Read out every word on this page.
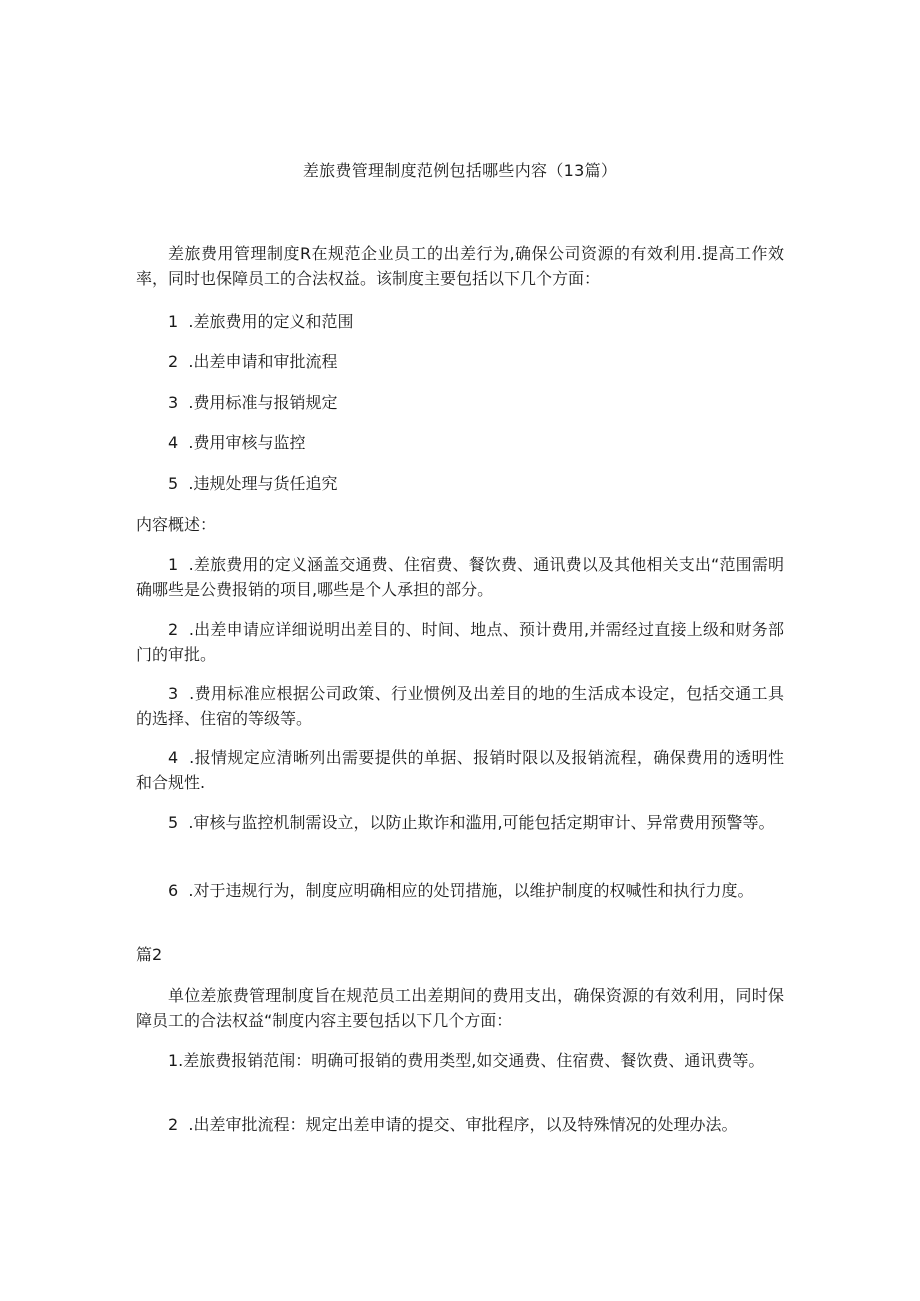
差旅费管理制度范例包括哪些内容（13篇）

差旅费用管理制度R在规范企业员工的出差行为,确保公司资源的有效利用.提高工作效率，同时也保障员工的合法权益。该制度主要包括以下几个方面：

1  .差旅费用的定义和范围

2  .出差申请和审批流程

3  .费用标准与报销规定

4  .费用审核与监控

5  .违规处理与货任追究

内容概述：

1  .差旅费用的定义涵盖交通费、住宿费、餐饮费、通讯费以及其他相关支出“范围需明确哪些是公费报销的项目,哪些是个人承担的部分。

2  .出差申请应详细说明出差目的、时间、地点、预计费用,并需经过直接上级和财务部门的审批。

3  .费用标准应根据公司政策、行业惯例及出差目的地的生活成本设定，包括交通工具的选择、住宿的等级等。

4  .报情规定应清晰列出需要提供的单据、报销时限以及报销流程，确保费用的透明性和合规性.

5  .审核与监控机制需设立，以防止欺诈和滥用,可能包括定期审计、异常费用预警等。

6  .对于违规行为，制度应明确相应的处罚措施，以维护制度的权喊性和执行力度。

篇2

单位差旅费管理制度旨在规范员工出差期间的费用支出，确保资源的有效利用，同时保障员工的合法权益“制度内容主要包括以下几个方面：

1.差旅费报销范闱：明确可报销的费用类型,如交通费、住宿费、餐饮费、通讯费等。

2  .出差审批流程：规定出差申请的提交、审批程序，以及特殊情况的处理办法。
